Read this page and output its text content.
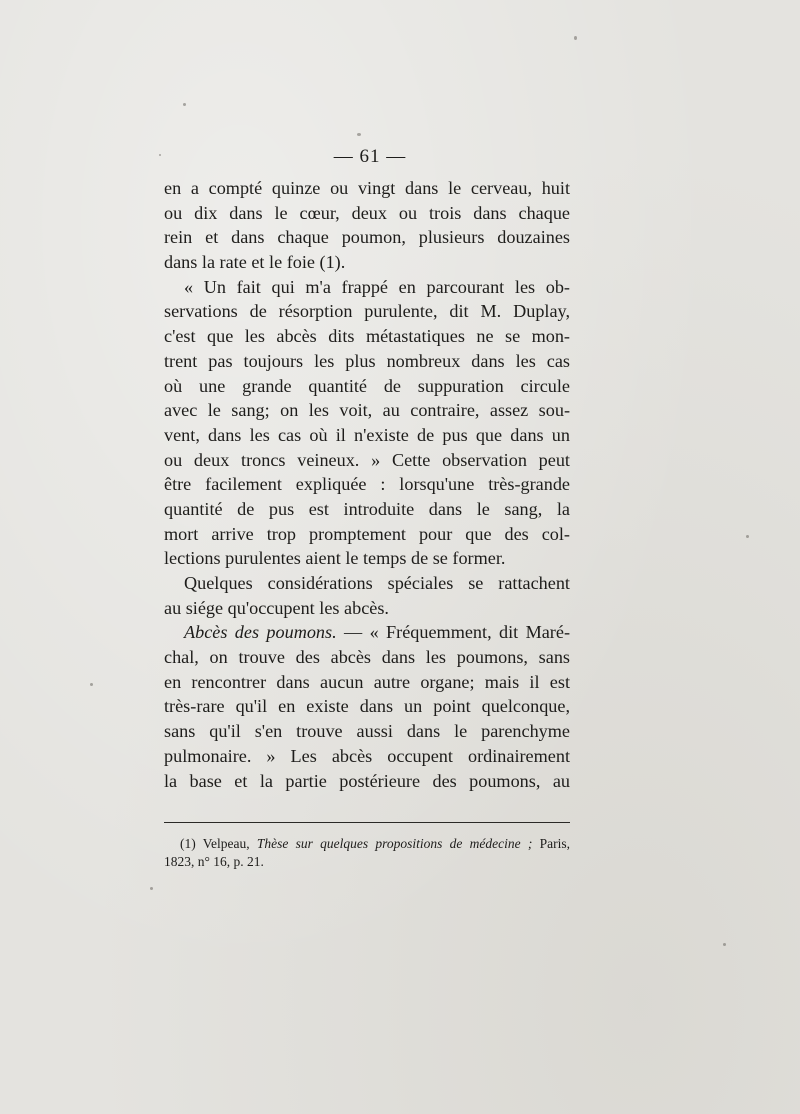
— 61 —
en a compté quinze ou vingt dans le cerveau, huit
ou dix dans le cœur, deux ou trois dans chaque
rein et dans chaque poumon, plusieurs douzaines
dans la rate et le foie (1).
« Un fait qui m'a frappé en parcourant les ob-
servations de résorption purulente, dit M. Duplay,
c'est que les abcès dits métastatiques ne se mon-
trent pas toujours les plus nombreux dans les cas
où une grande quantité de suppuration circule
avec le sang; on les voit, au contraire, assez sou-
vent, dans les cas où il n'existe de pus que dans un
ou deux troncs veineux. » Cette observation peut
être facilement expliquée : lorsqu'une très-grande
quantité de pus est introduite dans le sang, la
mort arrive trop promptement pour que des col-
lections purulentes aient le temps de se former.
Quelques considérations spéciales se rattachent
au siége qu'occupent les abcès.
Abcès des poumons. — « Fréquemment, dit Maré-
chal, on trouve des abcès dans les poumons, sans
en rencontrer dans aucun autre organe; mais il est
très-rare qu'il en existe dans un point quelconque,
sans qu'il s'en trouve aussi dans le parenchyme
pulmonaire. » Les abcès occupent ordinairement
la base et la partie postérieure des poumons, au
(1) Velpeau, Thèse sur quelques propositions de médecine ; Paris,
1823, n° 16, p. 21.
